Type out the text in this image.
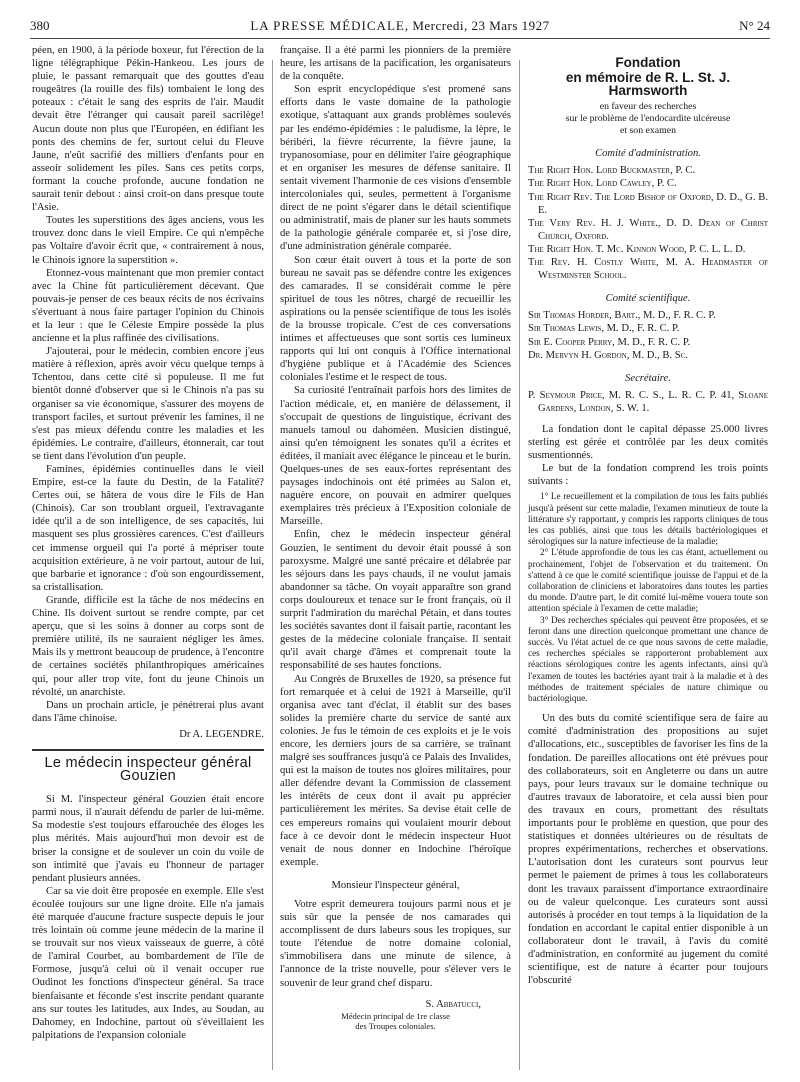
380	LA PRESSE MÉDICALE, Mercredi, 23 Mars 1927	N° 24

péen, en 1900, à la période boxeur, fut l'érection de la ligne télégraphique Pékin-Hankeou. Les jours de pluie, le passant remarquait que des gouttes d'eau rougeâtres (la rouille des fils) tombaient le long des poteaux : c'était le sang des esprits de l'air. Maudit devait être l'étranger qui causait pareil sacrilège! Aucun doute non plus que l'Européen, en édifiant les ponts des chemins de fer, surtout celui du Fleuve Jaune, n'eût sacrifié des milliers d'enfants pour en asseoir solidement les piles. Sans ces petits corps, formant la couche profonde, aucune fondation ne saurait tenir debout : ainsi croit-on dans presque toute l'Asie.

Toutes les superstitions des âges anciens, vous les trouvez donc dans le vieil Empire. Ce qui n'empêche pas Voltaire d'avoir écrit que, « contrairement à nous, le Chinois ignore la superstition ».

Etonnez-vous maintenant que mon premier contact avec la Chine fût particulièrement décevant. Que pouvais-je penser de ces beaux récits de nos écrivains s'évertuant à nous faire partager l'opinion du Chinois et la leur : que le Céleste Empire possède la plus ancienne et la plus raffinée des civilisations.

J'ajouterai, pour le médecin, combien encore j'eus matière à réflexion, après avoir vécu quelque temps à Tchentou, dans cette cité si populeuse. Il me fut bientôt donné d'observer que si le Chinois n'a pas su organiser sa vie économique, s'assurer des moyens de transport faciles, et surtout prévenir les famines, il ne s'est pas mieux défendu contre les maladies et les épidémies. Le contraire, d'ailleurs, étonnerait, car tout se tient dans l'évolution d'un peuple.

Famines, épidémies continuelles dans le vieil Empire, est-ce la faute du Destin, de la Fatalité? Certes oui, se hâtera de vous dire le Fils de Han (Chinois). Car son troublant orgueil, l'extravagante idée qu'il a de son intelligence, de ses capacités, lui masquent ses plus grossières carences. C'est d'ailleurs cet immense orgueil qui l'a porté à mépriser toute acquisition extérieure, à ne voir partout, autour de lui, que barbarie et ignorance : d'où son engourdissement, sa cristallisation.

Grande, difficile est la tâche de nos médecins en Chine. Ils doivent surtout se rendre compte, par cet aperçu, que si les soins à donner au corps sont de première utilité, ils ne sauraient négliger les âmes. Mais ils y mettront beaucoup de prudence, à l'encontre de certaines sociétés philanthropiques américaines qui, pour aller trop vite, font du jeune Chinois un révolté, un anarchiste.

Dans un prochain article, je pénétrerai plus avant dans l'âme chinoise.

Dr A. LEGENDRE.
Le médecin inspecteur général Gouzien

Si M. l'inspecteur général Gouzien était encore parmi nous, il n'aurait défendu de parler de lui-même. Sa modestie s'est toujours effarouchée des éloges les plus mérités. Mais aujourd'hui mon devoir est de briser la consigne et de soulever un coin du voile de son intimité que j'avais eu l'honneur de partager pendant plusieurs années.

Car sa vie doit être proposée en exemple. Elle s'est écoulée toujours sur une ligne droite. Elle n'a jamais été marquée d'aucune fracture suspecte depuis le jour très lointain où comme jeune médecin de la marine il se trouvait sur nos vieux vaisseaux de guerre, à côté de l'amiral Courbet, au bombardement de l'île de Formose, jusqu'à celui où il venait occuper rue Oudinot les fonctions d'inspecteur général. Sa trace bienfaisante et féconde s'est inscrite pendant quarante ans sur toutes les latitudes, aux Indes, au Soudan, au Dahomey, en Indochine, partout où s'éveillaient les palpitations de l'expansion coloniale

française. Il a été parmi les pionniers de la première heure, les artisans de la pacification, les organisateurs de la conquête.

Son esprit encyclopédique s'est promené sans efforts dans le vaste domaine de la pathologie exotique, s'attaquant aux grands problèmes soulevés par les endémo-épidémies : le paludisme, la lèpre, le béribéri, la fièvre récurrente, la fièvre jaune, la trypanosomiase, pour en délimiter l'aire géographique et en organiser les mesures de défense sanitaire. Il sentait vivement l'harmonie de ces visions d'ensemble intercoloniales qui, seules, permettent à l'organisme direct de ne point s'égarer dans le détail scientifique ou administratif, mais de planer sur les hauts sommets de la pathologie générale comparée et, si j'ose dire, d'une administration générale comparée.

Son cœur était ouvert à tous et la porte de son bureau ne savait pas se défendre contre les exigences des camarades. Il se considérait comme le père spirituel de tous les nôtres, chargé de recueillir les aspirations ou la pensée scientifique de tous les isolés de la brousse tropicale. C'est de ces conversations intimes et affectueuses que sont sortis ces lumineux rapports qui lui ont conquis à l'Office international d'hygiène publique et à l'Académie des Sciences coloniales l'estime et le respect de tous.

Sa curiosité l'entraînait parfois hors des limites de l'action médicale, et, en manière de délassement, il s'occupait de questions de linguistique, écrivant des manuels tamoul ou dahoméen. Musicien distingué, ainsi qu'en témoignent les sonates qu'il a écrites et éditées, il maniait avec élégance le pinceau et le burin. Quelques-unes de ses eaux-fortes représentant des paysages indochinois ont été primées au Salon et, naguère encore, on pouvait en admirer quelques exemplaires très précieux à l'Exposition coloniale de Marseille.

Enfin, chez le médecin inspecteur général Gouzien, le sentiment du devoir était poussé à son paroxysme. Malgré une santé précaire et délabrée par les séjours dans les pays chauds, il ne voulut jamais abandonner sa tâche. On voyait apparaître son grand corps douloureux et tenace sur le front français, où il surprit l'admiration du maréchal Pétain, et dans toutes les sociétés savantes dont il faisait partie, racontant les gestes de la médecine coloniale française. Il sentait qu'il avait charge d'âmes et comprenait toute la responsabilité de ses hautes fonctions.

Au Congrès de Bruxelles de 1920, sa présence fut fort remarquée et à celui de 1921 à Marseille, qu'il organisa avec tant d'éclat, il établit sur des bases solides la première charte du service de santé aux colonies. Je fus le témoin de ces exploits et je le vois encore, les derniers jours de sa carrière, se traînant malgré ses souffrances jusqu'à ce Palais des Invalides, qui est la maison de toutes nos gloires militaires, pour aller défendre devant la Commission de classement les intérêts de ceux dont il avait pu apprécier particulièrement les mérites. Sa devise était celle de ces empereurs romains qui voulaient mourir debout face à ce devoir dont le médecin inspecteur Huot venait de nous donner en Indochine l'héroïque exemple.

Monsieur l'inspecteur général,

Votre esprit demeurera toujours parmi nous et je suis sûr que la pensée de nos camarades qui accomplissent de durs labeurs sous les tropiques, sur toute l'étendue de notre domaine colonial, s'immobilisera dans une minute de silence, à l'annonce de la triste nouvelle, pour s'élever vers le souvenir de leur grand chef disparu.

S. Abbatucci,
Médecin principal de 1re classe
des Troupes coloniales.
Fondation
en mémoire de R. L. St. J. Harmsworth
en faveur des recherches
sur le problème de l'endocardite ulcéreuse
et son examen

Comité d'administration.

The Right Hon. Lord Buckmaster, P. C.

The Right Hon. Lord Cawley, P. C.

The Right Rev. The Lord Bishop of Oxford, D. D., G. B. E.

The Very Rev. H. J. White., D. D. Dean of Christ Church, Oxford.

The Right Hon. T. Mc. Kinnon Wood, P. C. L. L. D.

The Rev. H. Costly White, M. A. Headmaster of Westminster School.

Comité scientifique.

Sir Thomas Horder, Bart., M. D., F. R. C. P.

Sir Thomas Lewis, M. D., F. R. C. P.

Sir E. Cooper Perry, M. D., F. R. C. P.

Dr. Mervyn H. Gordon, M. D., B. Sc.

Secrétaire.

P. Seymour Price, M. R. C. S., L. R. C. P. 41, Sloane Gardens, London, S. W. 1.

La fondation dont le capital dépasse 25.000 livres sterling est gérée et contrôlée par les deux comités susmentionnés.

Le but de la fondation comprend les trois points suivants :

1° Le recueillement et la compilation de tous les faits publiés jusqu'à présent sur cette maladie, l'examen minutieux de toute la littérature s'y rapportant, y compris les rapports cliniques de tous les cas publiés, ainsi que tous les détails bactériologiques et sérologiques sur la nature infectieuse de la maladie;

2° L'étude approfondie de tous les cas étant, actuellement ou prochainement, l'objet de l'observation et du traitement. On s'attend à ce que le comité scientifique jouisse de l'appui et de la collaboration de cliniciens et laboratoires dans toutes les parties du monde. D'autre part, le dit comité lui-même vouera toute son attention spéciale à l'examen de cette maladie;

3° Des recherches spéciales qui peuvent être proposées, et se feront dans une direction quelconque promettant une chance de succès. Vu l'état actuel de ce que nous savons de cette maladie, ces recherches spéciales se rapporteront probablement aux réactions sérologiques contre les agents infectants, ainsi qu'à l'examen de toutes les bactéries ayant trait à la maladie et à des méthodes de traitement spéciales de nature chimique ou bactériologique.

Un des buts du comité scientifique sera de faire au comité d'administration des propositions au sujet d'allocations, etc., susceptibles de favoriser les fins de la fondation. De pareilles allocations ont été prévues pour des collaborateurs, soit en Angleterre ou dans un autre pays, pour leurs travaux sur le domaine technique ou d'autres travaux de laboratoire, et cela aussi bien pour des travaux en cours, promettant des résultats importants pour le problème en question, que pour des statistiques et données ultérieures ou de résultats de propres expérimentations, recherches et observations. L'autorisation dont les curateurs sont pourvus leur permet le paiement de primes à tous les collaborateurs dont les travaux paraissent d'importance extraordinaire ou de valeur quelconque. Les curateurs sont aussi autorisés à procéder en tout temps à la liquidation de la fondation en accordant le capital entier disponible à un collaborateur dont le travail, à l'avis du comité d'administration, en conformité au jugement du comité scientifique, est de nature à écarter pour toujours l'obscurité
